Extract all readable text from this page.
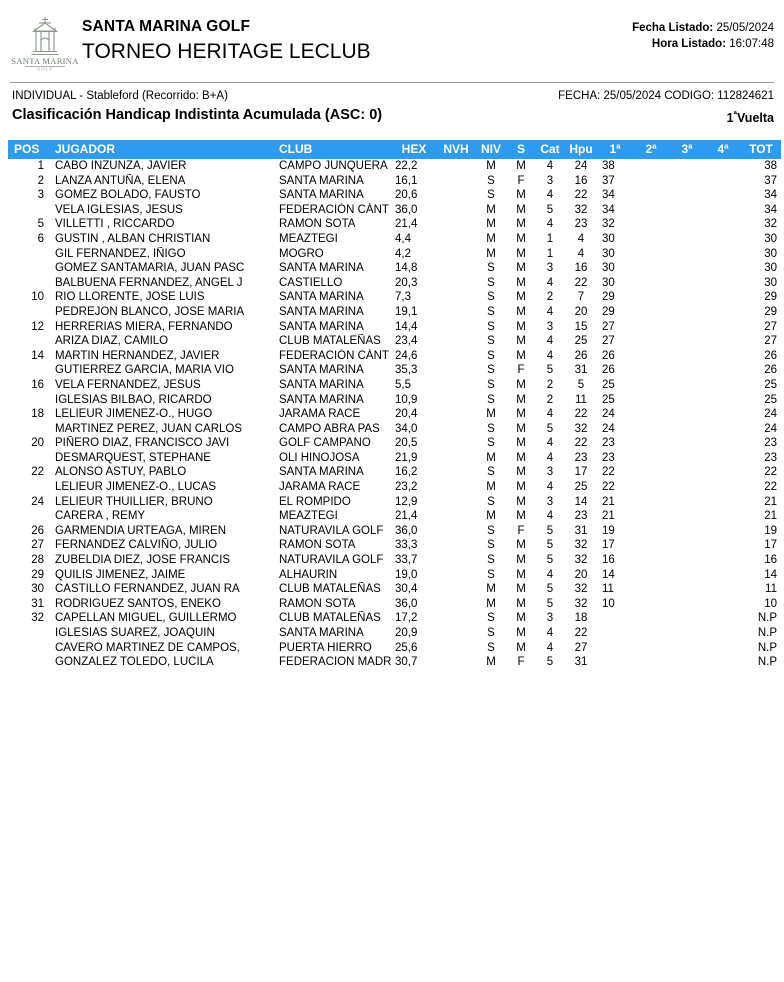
SANTA MARINA
GOLF
SANTA MARINA GOLF
TORNEO HERITAGE LECLUB
Fecha Listado: 25/05/2024
Hora Listado: 16:07:48
INDIVIDUAL - Stableford (Recorrido: B+A)	FECHA: 25/05/2024 CODIGO: 112824621
Clasificación Handicap Indistinta Acumulada (ASC: 0)	$1^ªVuelta$
POS	JUGADOR	CLUB	HEX	NVH	NIV	S	Cat	Hpu	1ª	2ª	3ª	4ª	TOT
1	CABO INZUNZA, JAVIER	CAMPO JUNQUERA	22,2		M	M	4	24	38				38
2	LANZA ANTUÑA, ELENA	SANTA MARINA	16,1		S	F	3	16	37				37
3	GOMEZ BOLADO, FAUSTO	SANTA MARINA	20,6		S	M	4	22	34				34
	VELA IGLESIAS, JESUS	FEDERACIÓN CÁNT	36,0		M	M	5	32	34				34
5	VILLETTI , RICCARDO	RAMON SOTA	21,4		M	M	4	23	32				32
6	GUSTIN , ALBAN CHRISTIAN	MEAZTEGI	4,4		M	M	1	4	30				30
	GIL FERNANDEZ, IÑIGO	MOGRO	4,2		M	M	1	4	30				30
	GOMEZ SANTAMARIA, JUAN PASC	SANTA MARINA	14,8		S	M	3	16	30				30
	BALBUENA FERNANDEZ, ANGEL J	CASTIELLO	20,3		S	M	4	22	30				30
10	RIO LLORENTE, JOSE LUIS	SANTA MARINA	7,3		S	M	2	7	29				29
	PEDREJON BLANCO, JOSE MARIA	SANTA MARINA	19,1		S	M	4	20	29				29
12	HERRERIAS MIERA, FERNANDO	SANTA MARINA	14,4		S	M	3	15	27				27
	ARIZA DIAZ, CAMILO	CLUB MATALEÑAS	23,4		S	M	4	25	27				27
14	MARTIN HERNANDEZ, JAVIER	FEDERACIÓN CÁNT	24,6		S	M	4	26	26				26
	GUTIERREZ GARCIA, MARIA VIO	SANTA MARINA	35,3		S	F	5	31	26				26
16	VELA FERNANDEZ, JESUS	SANTA MARINA	5,5		S	M	2	5	25				25
	IGLESIAS BILBAO, RICARDO	SANTA MARINA	10,9		S	M	2	11	25				25
18	LELIEUR JIMENEZ-O., HUGO	JARAMA RACE	20,4		M	M	4	22	24				24
	MARTINEZ PEREZ, JUAN CARLOS	CAMPO ABRA PAS	34,0		S	M	5	32	24				24
20	PIÑERO DIAZ, FRANCISCO JAVI	GOLF CAMPANO	20,5		S	M	4	22	23				23
	DESMARQUEST, STEPHANE	OLI HINOJOSA	21,9		M	M	4	23	23				23
22	ALONSO ASTUY, PABLO	SANTA MARINA	16,2		S	M	3	17	22				22
	LELIEUR JIMENEZ-O., LUCAS	JARAMA RACE	23,2		M	M	4	25	22				22
24	LELIEUR THUILLIER, BRUNO	EL ROMPIDO	12,9		S	M	3	14	21				21
	CARERA , REMY	MEAZTEGI	21,4		M	M	4	23	21				21
26	GARMENDIA URTEAGA, MIREN	NATURAVILA GOLF	36,0		S	F	5	31	19				19
27	FERNANDEZ CALVIÑO, JULIO	RAMON SOTA	33,3		S	M	5	32	17				17
28	ZUBELDIA DIEZ, JOSE FRANCIS	NATURAVILA GOLF	33,7		S	M	5	32	16				16
29	QUILIS JIMENEZ, JAIME	ALHAURIN	19,0		S	M	4	20	14				14
30	CASTILLO FERNANDEZ, JUAN RA	CLUB MATALEÑAS	30,4		M	M	5	32	11				11
31	RODRIGUEZ SANTOS, ENEKO	RAMON SOTA	36,0		M	M	5	32	10				10
32	CAPELLAN MIGUEL, GUILLERMO	CLUB MATALEÑAS	17,2		S	M	3	18					N.P
	IGLESIAS SUAREZ, JOAQUIN	SANTA MARINA	20,9		S	M	4	22					N.P
	CAVERO MARTINEZ DE CAMPOS,	PUERTA HIERRO	25,6		S	M	4	27					N.P
	GONZALEZ TOLEDO, LUCILA	FEDERACION MADR	30,7		M	F	5	31					N.P
